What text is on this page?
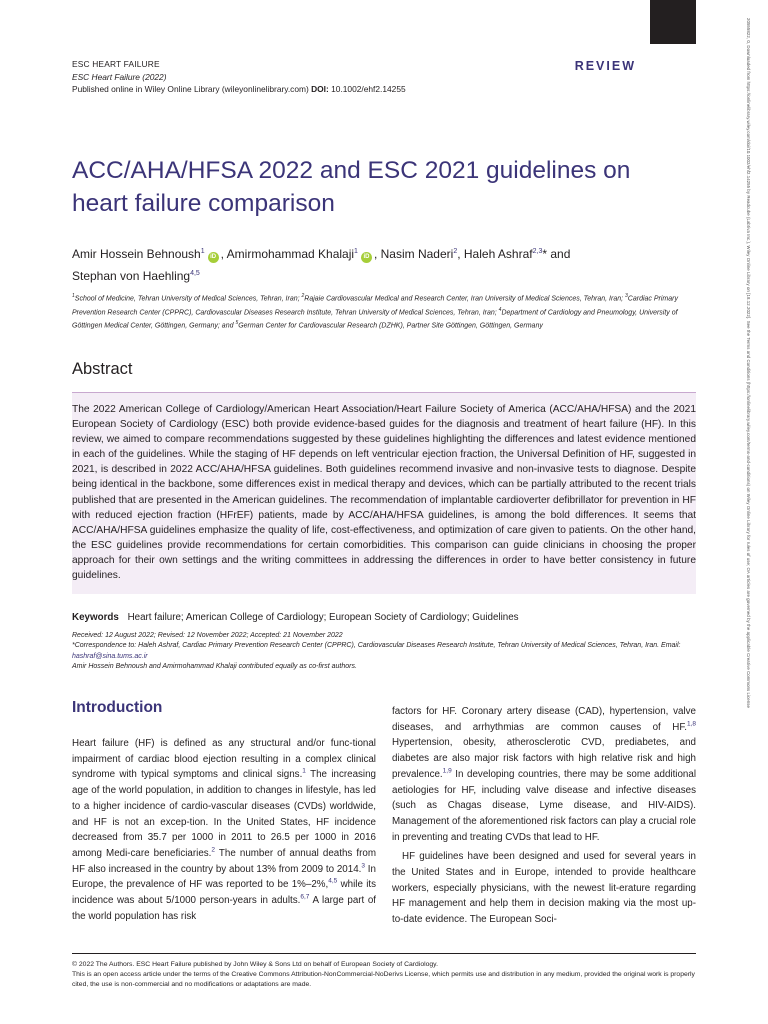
20555822, 0, Downloaded from https://onlinelibrary.wiley.com/doi/10.1002/ehf2.14255 by Readcube (Labtiva Inc.), Wiley Online Library on [18.12.2022]. See the Terms and Conditions (https://onlinelibrary.wiley.com/terms-and-conditions) on Wiley Online Library for rules of use; OA articles are governed by the applicable Creative Commons License
ESC HEART FAILURE
ESC Heart Failure (2022)
Published online in Wiley Online Library (wileyonlinelibrary.com) DOI: 10.1002/ehf2.14255
REVIEW
ACC/AHA/HFSA 2022 and ESC 2021 guidelines on heart failure comparison
Amir Hossein Behnoush$^1$iD , Amirmohammad Khalaji$^1$iD , Nasim Naderi$^2$, Haleh Ashraf$^{2,3}$* and
Stephan von Haehling$^{4,5}$
$^1$School of Medicine, Tehran University of Medical Sciences, Tehran, Iran; $^2$Rajaie Cardiovascular Medical and Research Center, Iran University of Medical Sciences, Tehran, Iran; $^3$Cardiac Primary Prevention Research Center (CPPRC), Cardiovascular Diseases Research Institute, Tehran University of Medical Sciences, Tehran, Iran; $^4$Department of Cardiology and Pneumology, University of Göttingen Medical Center, Göttingen, Germany; and $^5$German Center for Cardiovascular Research (DZHK), Partner Site Göttingen, Göttingen, Germany
Abstract
The 2022 American College of Cardiology/American Heart Association/Heart Failure Society of America (ACC/AHA/HFSA) and the 2021 European Society of Cardiology (ESC) both provide evidence-based guides for the diagnosis and treatment of heart failure (HF). In this review, we aimed to compare recommendations suggested by these guidelines highlighting the differences and latest evidence mentioned in each of the guidelines. While the staging of HF depends on left ventricular ejection fraction, the Universal Definition of HF, suggested in 2021, is described in 2022 ACC/AHA/HFSA guidelines. Both guidelines recommend invasive and non-invasive tests to diagnose. Despite being identical in the backbone, some differences exist in medical therapy and devices, which can be partially attributed to the recent trials published that are presented in the American guidelines. The recommendation of implantable cardioverter defibrillator for prevention in HF with reduced ejection fraction (HFrEF) patients, made by ACC/AHA/HFSA guidelines, is among the bold differences. It seems that ACC/AHA/HFSA guidelines emphasize the quality of life, cost-effectiveness, and optimization of care given to patients. On the other hand, the ESC guidelines provide recommendations for certain comorbidities. This comparison can guide clinicians in choosing the proper approach for their own settings and the writing committees in addressing the differences in order to have better consistency in future guidelines.
Keywords Heart failure; American College of Cardiology; European Society of Cardiology; Guidelines
Received: 12 August 2022; Revised: 12 November 2022; Accepted: 21 November 2022
*Correspondence to: Haleh Ashraf, Cardiac Primary Prevention Research Center (CPPRC), Cardiovascular Diseases Research Institute, Tehran University of Medical Sciences, Tehran, Iran. Email: hashraf@sina.tums.ac.ir
Amir Hossein Behnoush and Amirmohammad Khalaji contributed equally as co-first authors.
Introduction

Heart failure (HF) is defined as any structural and/or func-tional impairment of cardiac blood ejection resulting in a complex clinical syndrome with typical symptoms and clinical signs.$^1$ The increasing age of the world population, in addition to changes in lifestyle, has led to a higher incidence of cardio-vascular diseases (CVDs) worldwide, and HF is not an excep-tion. In the United States, HF incidence decreased from 35.7 per 1000 in 2011 to 26.5 per 1000 in 2016 among Medi-care beneficiaries.$^2$ The number of annual deaths from HF also increased in the country by about 13% from 2009 to 2014.$^3$ In Europe, the prevalence of HF was reported to be 1%–2%,$^{4,5}$ while its incidence was about 5/1000 person-years in adults.$^{6,7}$ A large part of the world population has risk

factors for HF. Coronary artery disease (CAD), hypertension, valve diseases, and arrhythmias are common causes of HF.$^{1,8}$ Hypertension, obesity, atherosclerotic CVD, prediabetes, and diabetes are also major risk factors with high relative risk and high prevalence.$^{1,9}$ In developing countries, there may be some additional aetiologies for HF, including valve disease and infective diseases (such as Chagas disease, Lyme disease, and HIV-AIDS). Management of the aforementioned risk factors can play a crucial role in preventing and treating CVDs that lead to HF.

HF guidelines have been designed and used for several years in the United States and in Europe, intended to provide healthcare workers, especially physicians, with the newest lit-erature regarding HF management and help them in decision making via the most up-to-date evidence. The European Soci-

© 2022 The Authors. ESC Heart Failure published by John Wiley & Sons Ltd on behalf of European Society of Cardiology.
This is an open access article under the terms of the Creative Commons Attribution-NonCommercial-NoDerivs License, which permits use and distribution in any medium, provided the original work is properly cited, the use is non-commercial and no modifications or adaptations are made.
